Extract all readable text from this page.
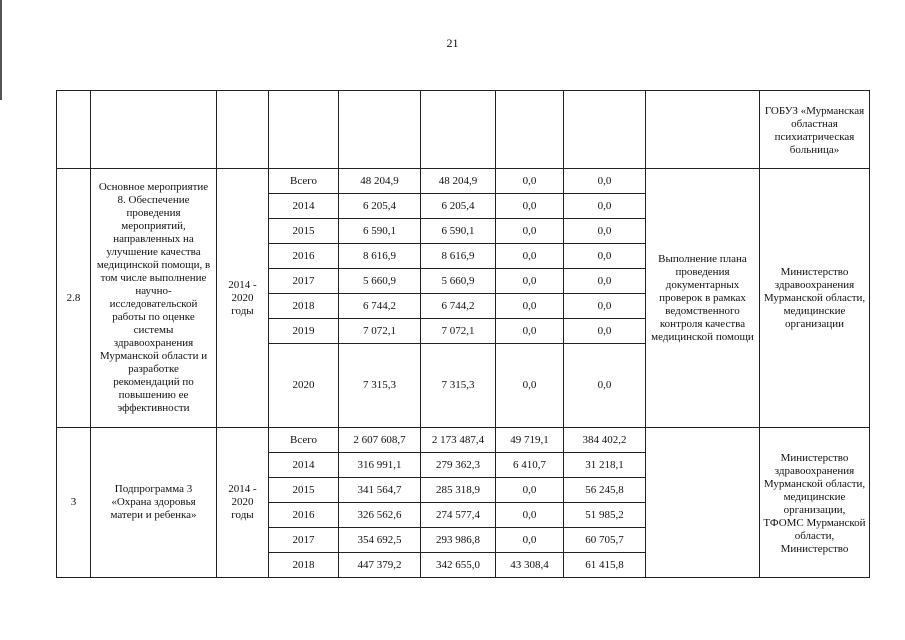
21
									ГОБУЗ «Мурманская областная психиатрическая больница»
2.8	Основное мероприятие 8. Обеспечение проведения мероприятий, направленных на улучшение качества медицинской помощи, в том числе выполнение научно-исследовательской работы по оценке системы здравоохранения Мурманской области и разработке рекомендаций по повышению ее эффективности	2014 - 2020 годы	Всего	48 204,9	48 204,9	0,0	0,0	Выполнение плана проведения документарных проверок в рамках ведомственного контроля качества медицинской помощи	Министерство здравоохранения Мурманской области, медицинские организации
			2014	6 205,4	6 205,4	0,0	0,0		
			2015	6 590,1	6 590,1	0,0	0,0		
			2016	8 616,9	8 616,9	0,0	0,0		
			2017	5 660,9	5 660,9	0,0	0,0		
			2018	6 744,2	6 744,2	0,0	0,0		
			2019	7 072,1	7 072,1	0,0	0,0		
			2020	7 315,3	7 315,3	0,0	0,0		
3	Подпрограмма 3 «Охрана здоровья матери и ребенка»	2014 - 2020 годы	Всего	2 607 608,7	2 173 487,4	49 719,1	384 402,2		Министерство здравоохранения Мурманской области, медицинские организации, ТФОМС Мурманской области, Министерство
			2014	316 991,1	279 362,3	6 410,7	31 218,1		
			2015	341 564,7	285 318,9	0,0	56 245,8		
			2016	326 562,6	274 577,4	0,0	51 985,2		
			2017	354 692,5	293 986,8	0,0	60 705,7		
			2018	447 379,2	342 655,0	43 308,4	61 415,8		
